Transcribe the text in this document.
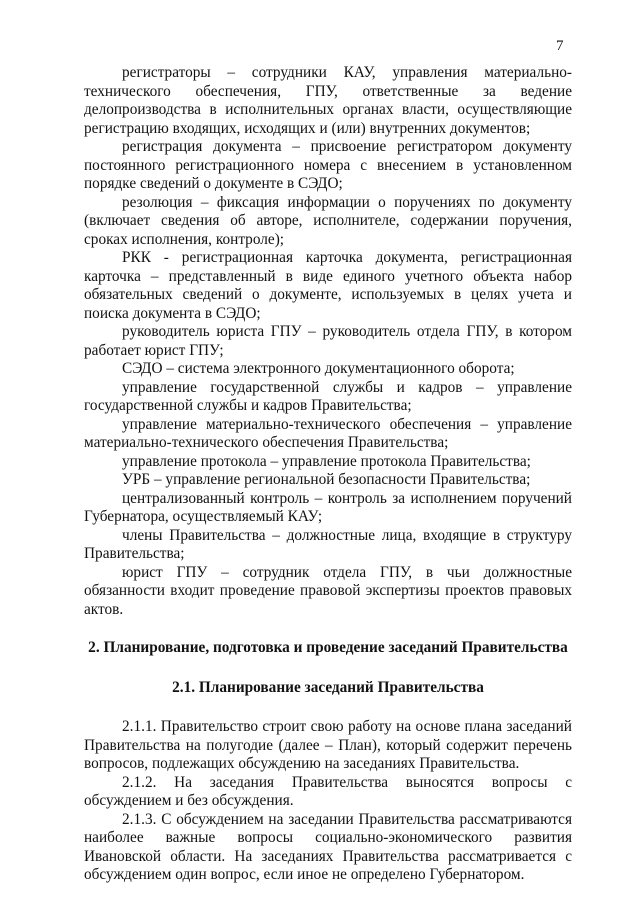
7

регистраторы – сотрудники КАУ, управления материально-технического обеспечения, ГПУ, ответственные за ведение делопроизводства в исполнительных органах власти, осуществляющие регистрацию входящих, исходящих и (или) внутренних документов;

регистрация документа – присвоение регистратором документу постоянного регистрационного номера с внесением в установленном порядке сведений о документе в СЭДО;

резолюция – фиксация информации о поручениях по документу (включает сведения об авторе, исполнителе, содержании поручения, сроках исполнения, контроле);

РКК - регистрационная карточка документа, регистрационная карточка – представленный в виде единого учетного объекта набор обязательных сведений о документе, используемых в целях учета и поиска документа в СЭДО;

руководитель юриста ГПУ – руководитель отдела ГПУ, в котором работает юрист ГПУ;

СЭДО – система электронного документационного оборота;

управление государственной службы и кадров – управление государственной службы и кадров Правительства;

управление материально-технического обеспечения – управление материально-технического обеспечения Правительства;

управление протокола – управление протокола Правительства;

УРБ – управление региональной безопасности Правительства;

централизованный контроль – контроль за исполнением поручений Губернатора, осуществляемый КАУ;

члены Правительства – должностные лица, входящие в структуру Правительства;

юрист ГПУ – сотрудник отдела ГПУ, в чьи должностные обязанности входит проведение правовой экспертизы проектов правовых актов.

2. Планирование, подготовка и проведение заседаний Правительства
2.1. Планирование заседаний Правительства

2.1.1. Правительство строит свою работу на основе плана заседаний Правительства на полугодие (далее – План), который содержит перечень вопросов, подлежащих обсуждению на заседаниях Правительства.

2.1.2. На заседания Правительства выносятся вопросы с обсуждением и без обсуждения.

2.1.3. С обсуждением на заседании Правительства рассматриваются наиболее важные вопросы социально-экономического развития Ивановской области. На заседаниях Правительства рассматривается с обсуждением один вопрос, если иное не определено Губернатором.
